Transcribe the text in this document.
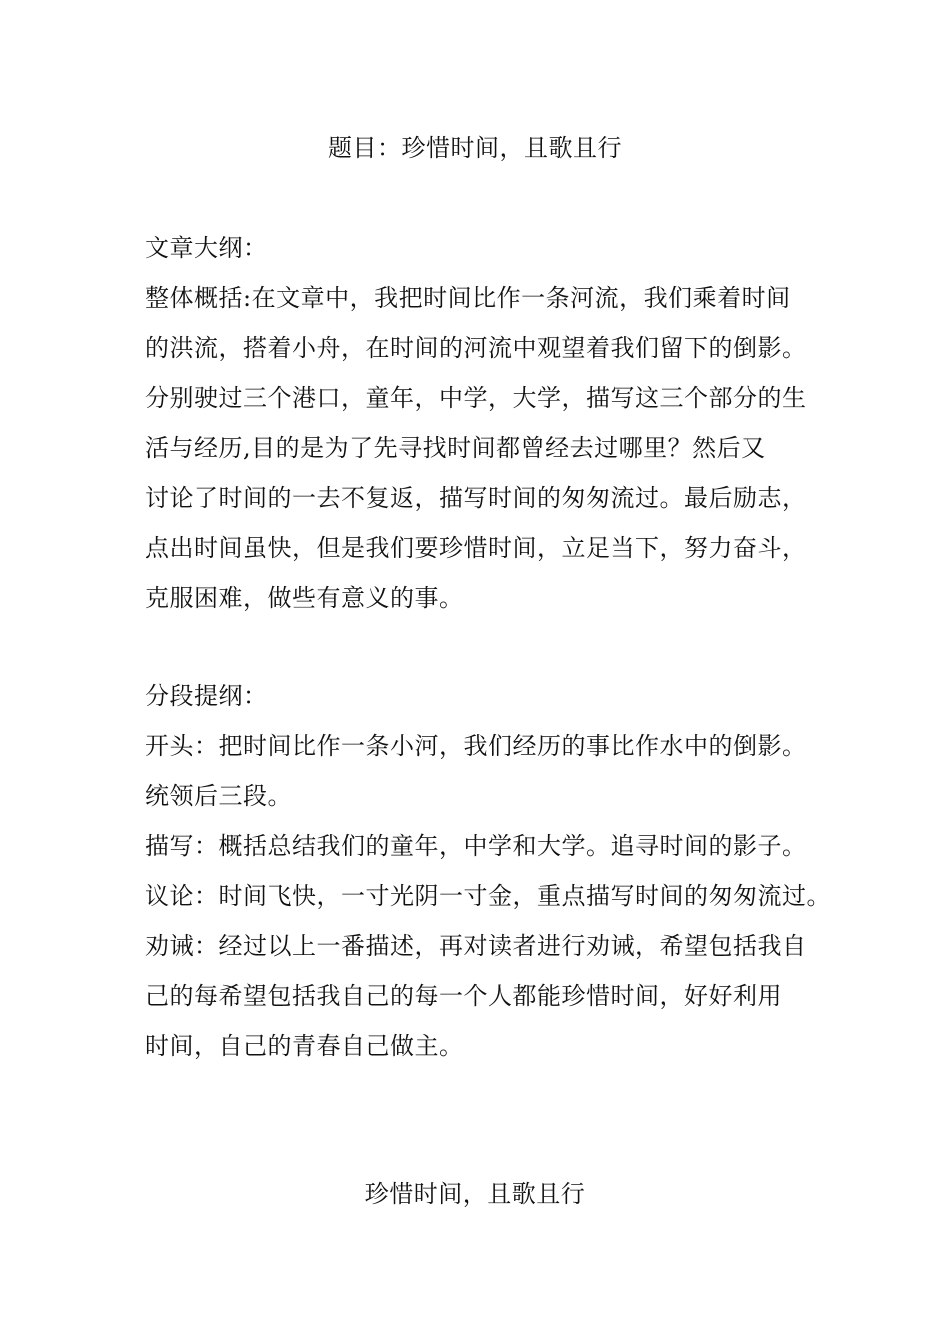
题目：珍惜时间，且歌且行
文章大纲：
整体概括:在文章中，我把时间比作一条河流，我们乘着时间
的洪流，搭着小舟，在时间的河流中观望着我们留下的倒影。
分别驶过三个港口，童年，中学，大学，描写这三个部分的生
活与经历,目的是为了先寻找时间都曾经去过哪里？然后又
讨论了时间的一去不复返，描写时间的匆匆流过。最后励志，
点出时间虽快，但是我们要珍惜时间，立足当下，努力奋斗，
克服困难，做些有意义的事。
分段提纲：
开头：把时间比作一条小河，我们经历的事比作水中的倒影。
统领后三段。
描写：概括总结我们的童年，中学和大学。追寻时间的影子。
议论：时间飞快，一寸光阴一寸金，重点描写时间的匆匆流过。
劝诫：经过以上一番描述，再对读者进行劝诫，希望包括我自
己的每希望包括我自己的每一个人都能珍惜时间，好好利用
时间，自己的青春自己做主。
珍惜时间，且歌且行
